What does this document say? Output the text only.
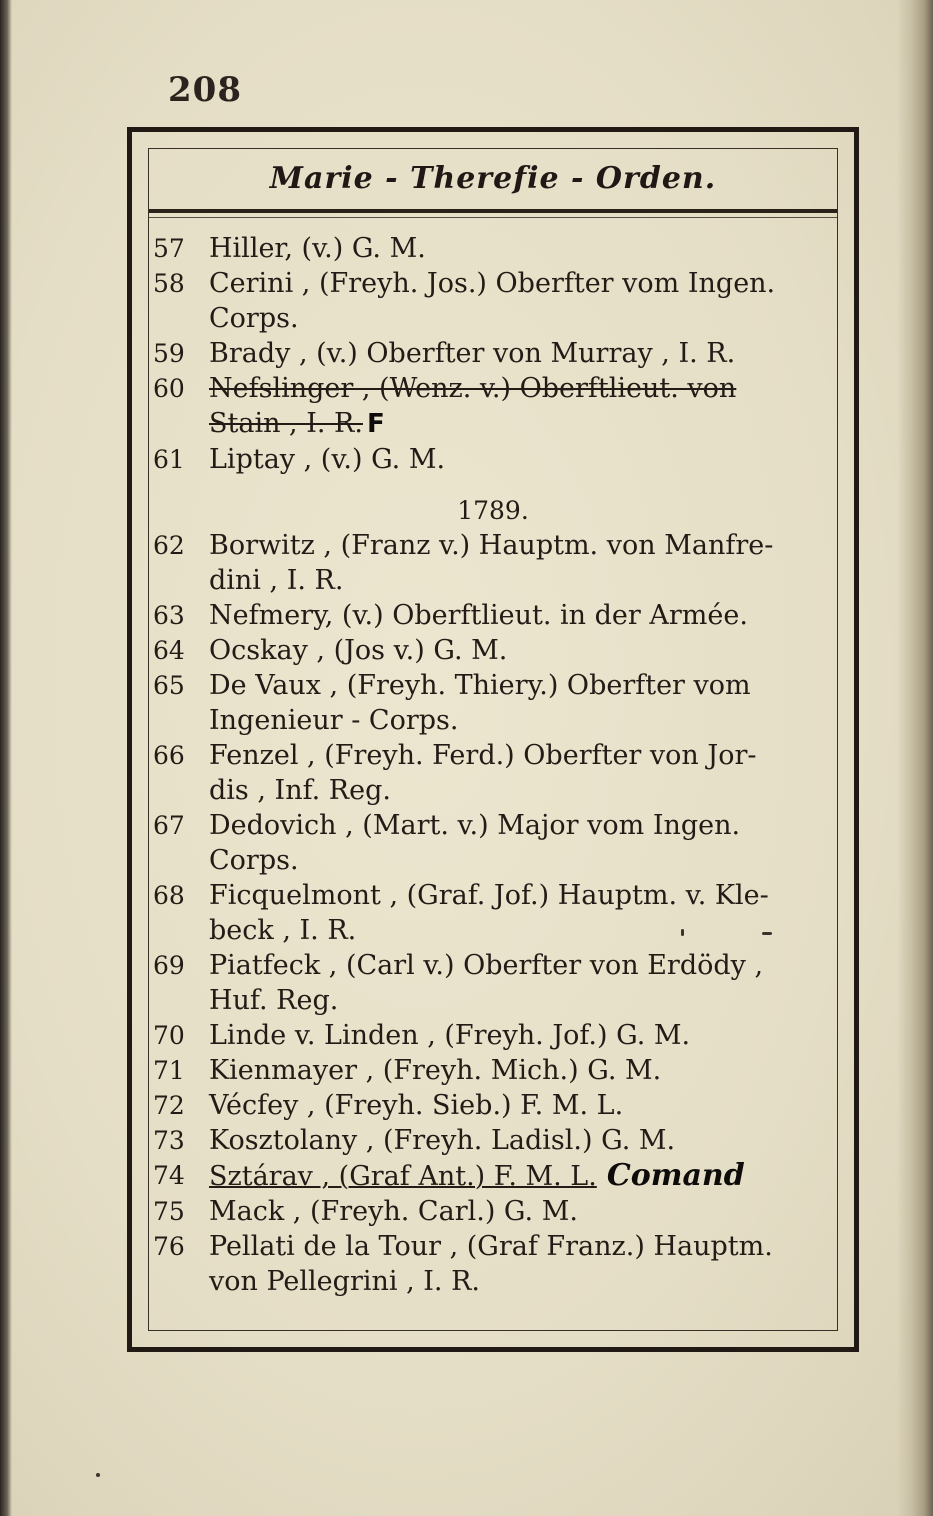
208
Marie - Therefie - Orden.
57 Hiller, (v.) G. M.
58 Cerini , (Freyh. Jos.) Oberfter vom Ingen.
Corps.
59 Brady , (v.) Oberfter von Murray , I. R.
60 Nefslinger , (Wenz. v.) Oberftlieut. von
Stain , I. R. F
61 Liptay , (v.) G. M.
1789.
62 Borwitz , (Franz v.) Hauptm. von Manfre-
dini , I. R.
63 Nefmery, (v.) Oberftlieut. in der Armée.
64 Ocskay , (Jos v.) G. M.
65 De Vaux , (Freyh. Thiery.) Oberfter vom
Ingenieur - Corps.
66 Fenzel , (Freyh. Ferd.) Oberfter von Jor-
dis , Inf. Reg.
67 Dedovich , (Mart. v.) Major vom Ingen.
Corps.
68 Ficquelmont , (Graf. Jof.) Hauptm. v. Kle-
beck , I. R.
69 Piatfeck , (Carl v.) Oberfter von Erdödy ,
Huf. Reg.
70 Linde v. Linden , (Freyh. Jof.) G. M.
71 Kienmayer , (Freyh. Mich.) G. M.
72 Vécfey , (Freyh. Sieb.) F. M. L.
73 Kosztolany , (Freyh. Ladisl.) G. M.
74 Sztárav , (Graf Ant.) F. M. L. Comand
75 Mack , (Freyh. Carl.) G. M.
76 Pellati de la Tour , (Graf Franz.) Hauptm.
von Pellegrini , I. R.
